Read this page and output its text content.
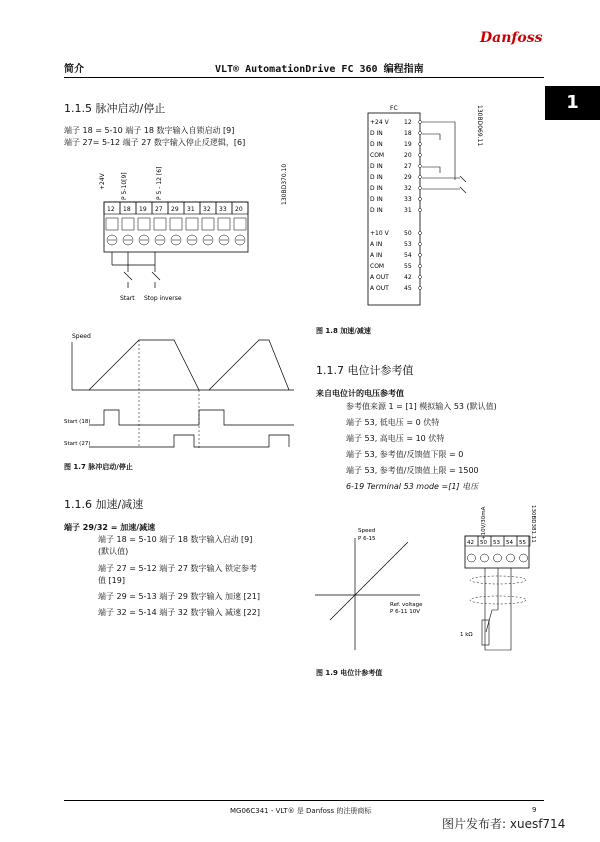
简介	VLT® AutomationDrive FC 360 编程指南
Danfoss
1
1.1.5 脉冲启动/停止
端子 18 = 5-10 端子 18 数字输入自锁启动 [9]
端子 27= 5-12 端子 27 数字输入停止反逻辑，[6]
+24V	P 5-10[9]	P 5 - 12 [6]	130BD370.10
12 18 19 27 29 31 32 33 20
Start Stop inverse
Speed
Start (18)
Start (27)
图 1.7 脉冲启动/停止
1.1.6 加速/减速
端子 29/32 = 加速/减速
端子 18 = 5-10 端子 18 数字输入启动 [9]
(默认值)
端子 27 = 5-12 端子 27 数字输入 锁定参考
值 [19]
端子 29 = 5-13 端子 29 数字输入 加速 [21]
端子 32 = 5-14 端子 32 数字输入 减速 [22]
FC	130BD069.11
+24 V	12
D IN	18
D IN	19
COM	20
D IN	27
D IN	29
D IN	32
D IN	33
D IN	31
+10 V	50
A IN	53
A IN	54
COM	55
A OUT	42
A OUT	45
图 1.8 加速/减速
1.1.7 电位计参考值
来自电位计的电压参考值
参考值来源 1 = [1] 模拟输入 53 (默认值)
端子 53, 低电压 = 0 伏特
端子 53, 高电压 = 10 伏特
端子 53, 参考值/反馈值下限 = 0
端子 53, 参考值/反馈值上限 = 1500
6-19 Terminal 53 mode =[1] 电压
Speed
P 6-15
Ref. voltage
P 6-11 10V
+10V/30mA	130BD381.11
42 50 53 54 55
1 kΩ
图 1.9 电位计参考值
MG06C341 - VLT® 是 Danfoss 的注册商标	9
图片发布者: xuesf714
